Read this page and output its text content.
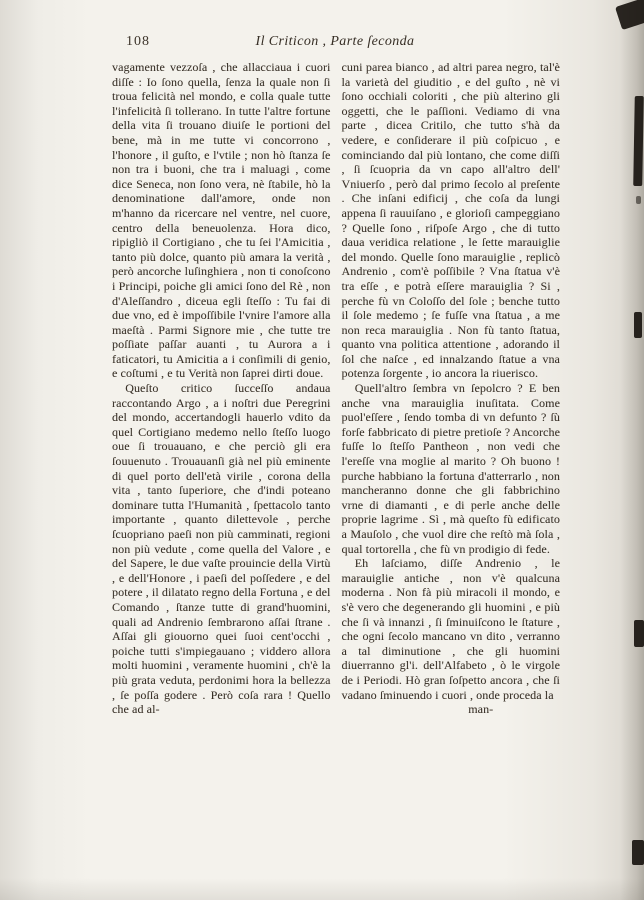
108	Il Criticon , Parte ſeconda

vagamente vezzoſa , che allacciaua i cuori diſſe : Io ſono quella, ſenza la quale non ſi troua felicità nel mondo, e colla quale tutte l'infelicità ſi tollerano. In tutte l'altre fortune della vita ſi trouano diuiſe le portioni del bene, mà in me tutte vi concorrono , l'honore , il guſto, e l'vtile ; non hò ſtanza ſe non tra i buoni, che tra i maluagi , come dice Seneca, non ſono vera, nè ſtabile, hò la denominatione dall'amore, onde non m'hanno da ricercare nel ventre, nel cuore, centro della beneuolenza. Hora dico, ripigliò il Cortigiano , che tu ſei l'Amicitia , tanto più dolce, quanto più amara la verità , però ancorche luſinghiera , non ti conoſcono i Principi, poiche gli amici ſono del Rè , non d'Aleſſandro , diceua egli ſteſſo : Tu fai di due vno, ed è impoſſibile l'vnire l'amore alla maeſtà . Parmi Signore mie , che tutte tre poſſiate paſſar auanti , tu Aurora a i faticatori, tu Amicitia a i conſimili di genio, e coſtumi , e tu Verità non ſaprei dirti doue.

Queſto critico ſucceſſo andaua raccontando Argo , a i noſtri due Peregrini del mondo, accertandogli hauerlo vdito da quel Cortigiano medemo nello ſteſſo luogo oue ſi trouauano, e che perciò gli era ſouuenuto . Trouauanſi già nel più eminente di quel porto dell'età virile , corona della vita , tanto ſuperiore, che d'indi poteano dominare tutta l'Humanità , ſpettacolo tanto importante , quanto dilettevole , perche ſcuopriano paeſi non più camminati, regioni non più vedute , come quella del Valore , e del Sapere, le due vaſte prouincie della Virtù , e dell'Honore , i paeſi del poſſedere , e del potere , il dilatato regno della Fortuna , e del Comando , ſtanze tutte di grand'huomini, quali ad Andrenio ſembrarono aſſai ſtrane . Aſſai gli giouorno quei ſuoi cent'occhi , poiche tutti s'impiegauano ; viddero allora molti huomini , veramente huomini , ch'è la più grata veduta, perdonimi hora la bellezza , ſe poſſa godere . Però coſa rara ! Quello che ad al-

cuni parea bianco , ad altri parea negro, tal'è la varietà del giuditio , e del guſto , nè vi ſono occhiali coloriti , che più alterino gli oggetti, che le paſſioni. Vediamo di vna parte , dicea Critilo, che tutto s'hà da vedere, e conſiderare il più coſpicuo , e cominciando dal più lontano, che come diſſi , ſi ſcuopria da vn capo all'altro dell' Vniuerſo , però dal primo ſecolo al preſente . Che inſani edificij , che coſa da lungi appena ſi rauuiſano , e glorioſi campeggiano ? Quelle ſono , riſpoſe Argo , che di tutto daua veridica relatione , le ſette marauiglie del mondo. Quelle ſono marauiglie , replicò Andrenio , com'è poſſibile ? Vna ſtatua v'è tra eſſe , e potrà eſſere marauiglia ? Si , perche fù vn Coloſſo del ſole ; benche tutto il ſole medemo ; ſe fuſſe vna ſtatua , a me non reca marauiglia . Non fù tanto ſtatua, quanto vna politica attentione , adorando il ſol che naſce , ed innalzando ſtatue a vna potenza ſorgente , io ancora la riuerisco.

Quell'altro ſembra vn ſepolcro ? E ben anche vna marauiglia inuſitata. Come puol'eſſere , ſendo tomba di vn defunto ? ſù forſe fabbricato di pietre pretioſe ? Ancorche fuſſe lo ſteſſo Pantheon , non vedi che l'ereſſe vna moglie al marito ? Oh buono ! purche habbiano la fortuna d'atterrarlo , non mancheranno donne che gli fabbrichino vrne di diamanti , e di perle anche delle proprie lagrime . Sì , mà queſto fù edificato a Mauſolo , che vuol dire che reſtò mà ſola , qual tortorella , che fù vn prodigio di fede.

Eh laſciamo, diſſe Andrenio , le marauiglie antiche , non v'è qualcuna moderna . Non fà più miracoli il mondo, e s'è vero che degenerando gli huomini , e più che ſi và innanzi , ſi ſminuiſcono le ſtature , che ogni ſecolo mancano vn dito , verranno a tal diminutione , che gli huomini diuerranno gl'i. dell'Alfabeto , ò le virgole de i Periodi. Hò gran ſoſpetto ancora , che ſi vadano ſminuendo i cuori , onde proceda la

man-
